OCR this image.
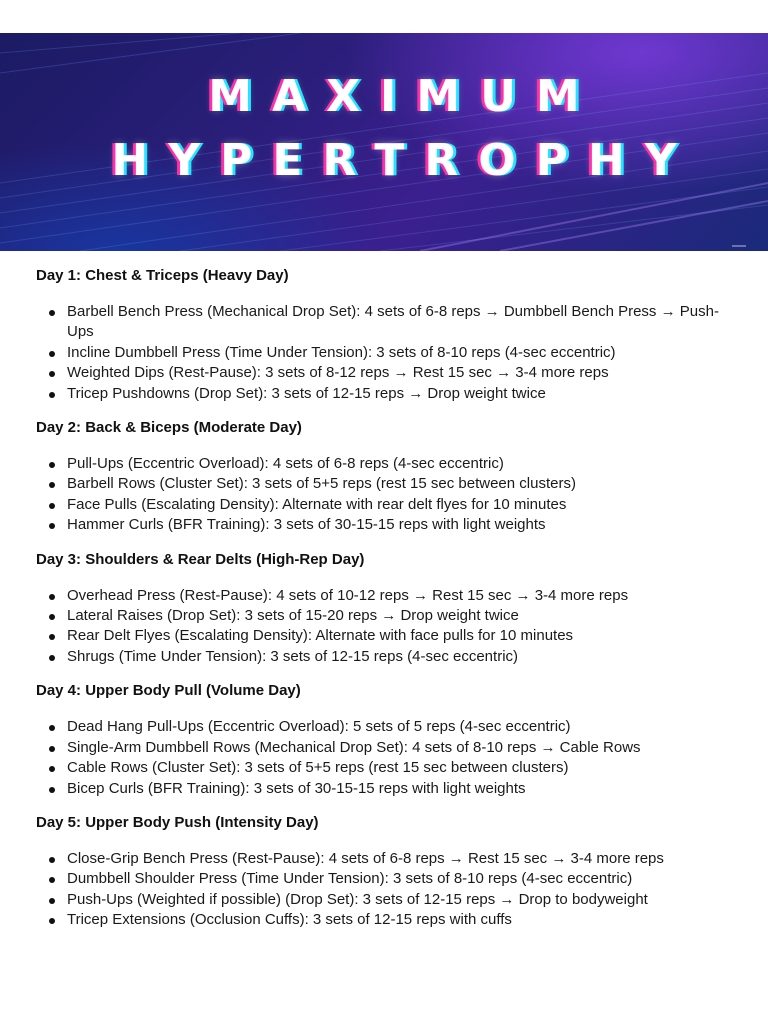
MAXIMUM
HYPERTROPHY
Day 1: Chest & Triceps (Heavy Day)
Barbell Bench Press (Mechanical Drop Set): 4 sets of 6-8 reps → Dumbbell Bench Press → Push-Ups
Incline Dumbbell Press (Time Under Tension): 3 sets of 8-10 reps (4-sec eccentric)
Weighted Dips (Rest-Pause): 3 sets of 8-12 reps → Rest 15 sec → 3-4 more reps
Tricep Pushdowns (Drop Set): 3 sets of 12-15 reps → Drop weight twice
Day 2: Back & Biceps (Moderate Day)
Pull-Ups (Eccentric Overload): 4 sets of 6-8 reps (4-sec eccentric)
Barbell Rows (Cluster Set): 3 sets of 5+5 reps (rest 15 sec between clusters)
Face Pulls (Escalating Density): Alternate with rear delt flyes for 10 minutes
Hammer Curls (BFR Training): 3 sets of 30-15-15 reps with light weights
Day 3: Shoulders & Rear Delts (High-Rep Day)
Overhead Press (Rest-Pause): 4 sets of 10-12 reps → Rest 15 sec → 3-4 more reps
Lateral Raises (Drop Set): 3 sets of 15-20 reps → Drop weight twice
Rear Delt Flyes (Escalating Density): Alternate with face pulls for 10 minutes
Shrugs (Time Under Tension): 3 sets of 12-15 reps (4-sec eccentric)
Day 4: Upper Body Pull (Volume Day)
Dead Hang Pull-Ups (Eccentric Overload): 5 sets of 5 reps (4-sec eccentric)
Single-Arm Dumbbell Rows (Mechanical Drop Set): 4 sets of 8-10 reps → Cable Rows
Cable Rows (Cluster Set): 3 sets of 5+5 reps (rest 15 sec between clusters)
Bicep Curls (BFR Training): 3 sets of 30-15-15 reps with light weights
Day 5: Upper Body Push (Intensity Day)
Close-Grip Bench Press (Rest-Pause): 4 sets of 6-8 reps → Rest 15 sec → 3-4 more reps
Dumbbell Shoulder Press (Time Under Tension): 3 sets of 8-10 reps (4-sec eccentric)
Push-Ups (Weighted if possible) (Drop Set): 3 sets of 12-15 reps → Drop to bodyweight
Tricep Extensions (Occlusion Cuffs): 3 sets of 12-15 reps with cuffs
